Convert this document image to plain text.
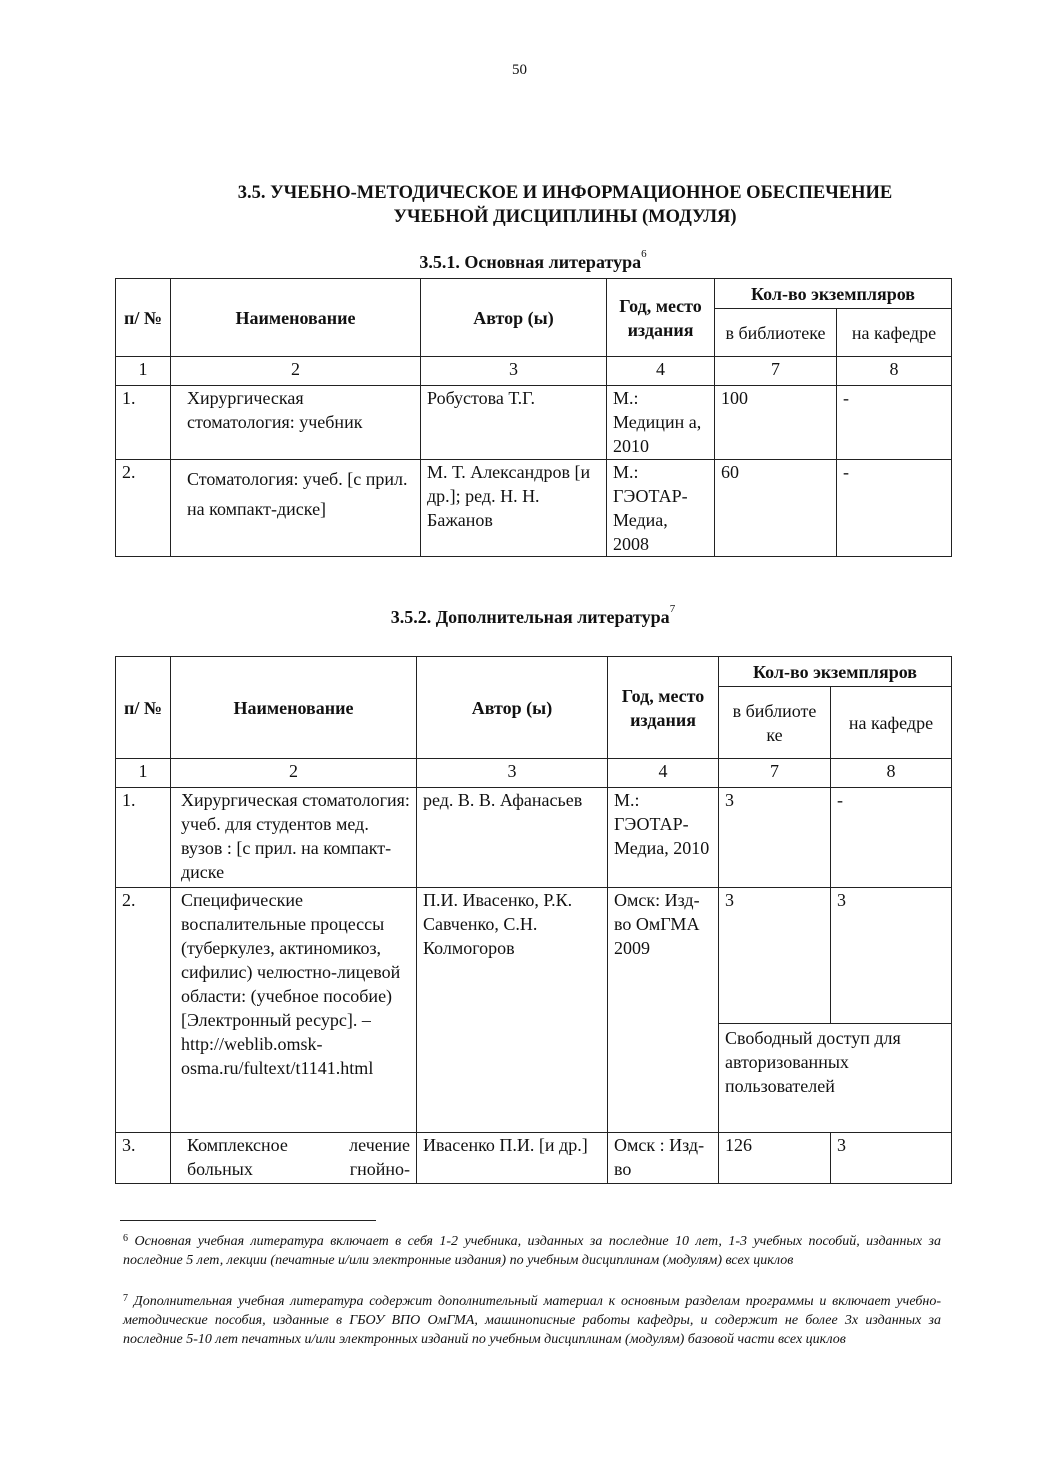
50
3.5. УЧЕБНО-МЕТОДИЧЕСКОЕ И ИНФОРМАЦИОННОЕ ОБЕСПЕЧЕНИЕ
УЧЕБНОЙ ДИСЦИПЛИНЫ (МОДУЛЯ)
3.5.1. Основная литература$^6$
п/ №	Наименование	Автор (ы)	Год, место издания	Кол-во экземпляров	
				в библиотеке	на кафедре
1	2	3	4	7	8
1.	Хирургическая стоматология: учебник	Робустова Т.Г.	М.: Медицин а, 2010	100	-
2.	Стоматология: учеб. [с прил. на компакт-диске]	М. Т. Александров [и др.]; ред. Н. Н. Бажанов	М.: ГЭОТАР-Медиа, 2008	60	-
3.5.2. Дополнительная литература$^7$
п/ №	Наименование	Автор (ы)	Год, место издания	Кол-во экземпляров	
				в библиоте ке	на кафедре
1	2	3	4	7	8
1.	Хирургическая стоматология: учеб. для студентов мед. вузов : [с прил. на компакт-диске	ред. В. В. Афанасьев	М.: ГЭОТАР-Медиа, 2010	3	-
2.	Специфические воспалительные процессы (туберкулез, актиномикоз, сифилис) челюстно-лицевой области: (учебное пособие) [Электронный ресурс]. – http://weblib.omsk-osma.ru/fultext/t1141.html	П.И. Ивасенко, Р.К. Савченко, С.Н. Колмогоров	Омск: Изд-во ОмГМА 2009	3	3
				Свободный доступ для авторизованных пользователей	
3.	Комплексное лечение больных гнойно-	Ивасенко П.И. [и др.]	Омск : Изд-во	126	3
$^6$ Основная учебная литература включает в себя 1-2 учебника, изданных за последние 10 лет, 1-3 учебных пособий, изданных за последние 5 лет, лекции (печатные и/или электронные издания) по учебным дисциплинам (модулям) всех циклов
$^7$ Дополнительная учебная литература содержит дополнительный материал к основным разделам программы и включает учебно-методические пособия, изданные в ГБОУ ВПО ОмГМА, машинописные работы кафедры, и содержит не более 3х изданных за последние 5-10 лет печатных и/или электронных изданий по учебным дисциплинам (модулям) базовой части всех циклов
